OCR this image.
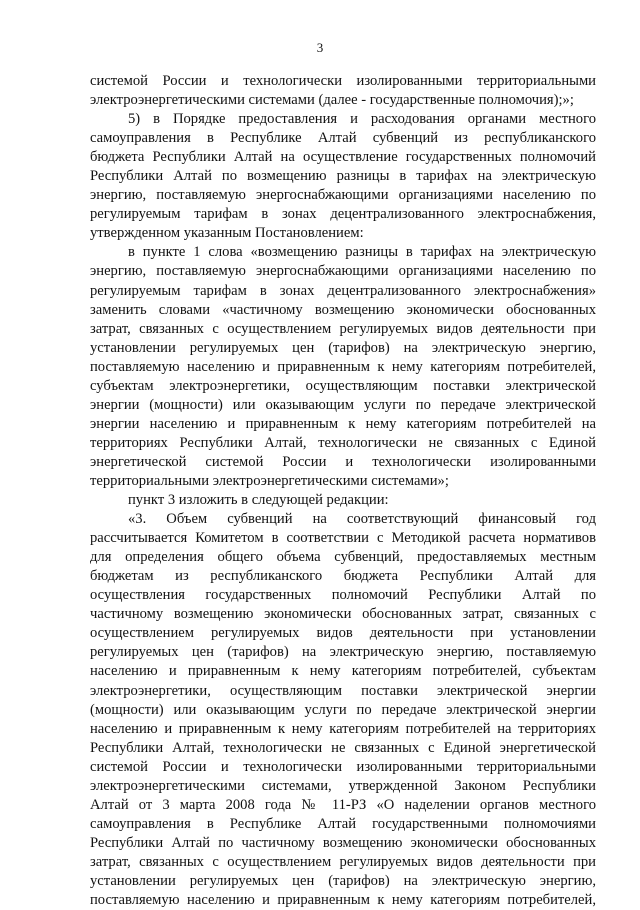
3
системой России и технологически изолированными территориальными
электроэнергетическими системами (далее - государственные полномочия);»;
5) в Порядке предоставления и расходования органами местного
самоуправления в Республике Алтай субвенций из республиканского
бюджета Республики Алтай на осуществление государственных полномочий
Республики Алтай по возмещению разницы в тарифах на электрическую
энергию, поставляемую энергоснабжающими организациями населению по
регулируемым тарифам в зонах децентрализованного электроснабжения,
утвержденном указанным Постановлением:
в пункте 1 слова «возмещению разницы в тарифах на электрическую
энергию, поставляемую энергоснабжающими организациями населению по
регулируемым тарифам в зонах децентрализованного электроснабжения»
заменить словами «частичному возмещению экономически обоснованных
затрат, связанных с осуществлением регулируемых видов деятельности при
установлении регулируемых цен (тарифов) на электрическую энергию,
поставляемую населению и приравненным к нему категориям потребителей,
субъектам электроэнергетики, осуществляющим поставки электрической
энергии (мощности) или оказывающим услуги по передаче электрической
энергии населению и приравненным к нему категориям потребителей на
территориях Республики Алтай, технологически не связанных с Единой
энергетической системой России и технологически изолированными
территориальными электроэнергетическими системами»;
пункт 3 изложить в следующей редакции:
«3. Объем субвенций на соответствующий финансовый год
рассчитывается Комитетом в соответствии с Методикой расчета нормативов
для определения общего объема субвенций, предоставляемых местным
бюджетам из республиканского бюджета Республики Алтай для
осуществления государственных полномочий Республики Алтай по
частичному возмещению экономически обоснованных затрат, связанных с
осуществлением регулируемых видов деятельности при установлении
регулируемых цен (тарифов) на электрическую энергию, поставляемую
населению и приравненным к нему категориям потребителей, субъектам
электроэнергетики, осуществляющим поставки электрической энергии
(мощности) или оказывающим услуги по передаче электрической энергии
населению и приравненным к нему категориям потребителей на территориях
Республики Алтай, технологически не связанных с Единой энергетической
системой России и технологически изолированными территориальными
электроэнергетическими системами, утвержденной Законом Республики
Алтай от 3 марта 2008 года № 11-РЗ «О наделении органов местного
самоуправления в Республике Алтай государственными полномочиями
Республики Алтай по частичному возмещению экономически обоснованных
затрат, связанных с осуществлением регулируемых видов деятельности при
установлении регулируемых цен (тарифов) на электрическую энергию,
поставляемую населению и приравненным к нему категориям потребителей,
